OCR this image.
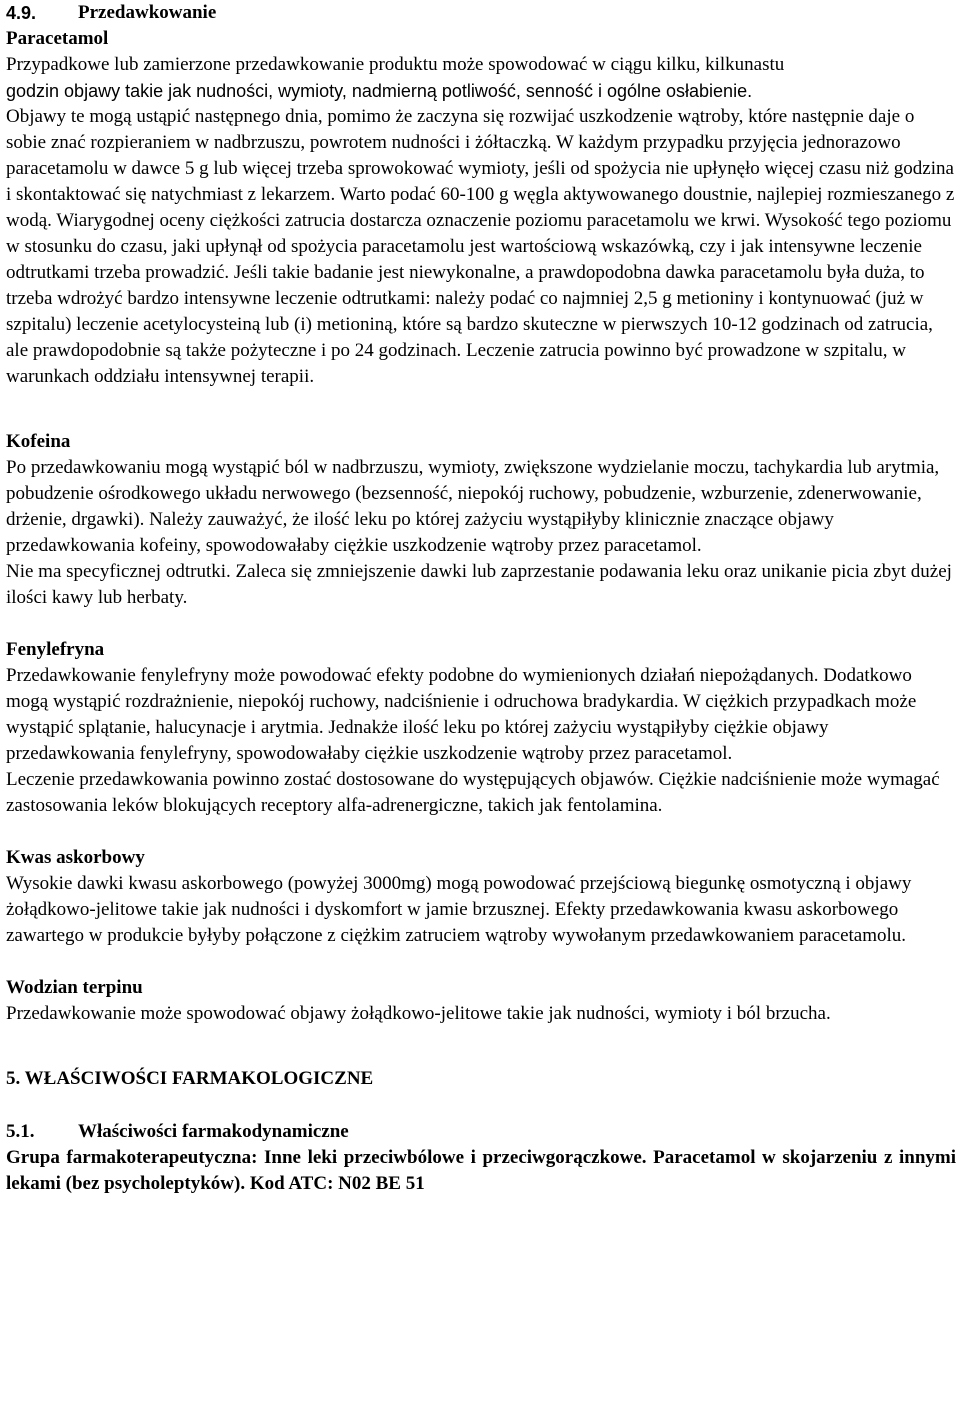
4.9.	Przedawkowanie

Paracetamol

Przypadkowe lub zamierzone przedawkowanie produktu może spowodować w ciągu kilku, kilkunastu

godzin objawy takie jak nudności, wymioty, nadmierną potliwość, senność i ogólne osłabienie.

Objawy te mogą ustąpić następnego dnia, pomimo że zaczyna się rozwijać uszkodzenie wątroby, które następnie daje o sobie znać rozpieraniem w nadbrzuszu, powrotem nudności i żółtaczką. W każdym przypadku przyjęcia jednorazowo paracetamolu w dawce 5 g lub więcej trzeba sprowokować wymioty, jeśli od spożycia nie upłynęło więcej czasu niż godzina i skontaktować się natychmiast z lekarzem. Warto podać 60-100 g węgla aktywowanego doustnie, najlepiej rozmieszanego z wodą. Wiarygodnej oceny ciężkości zatrucia dostarcza oznaczenie poziomu paracetamolu we krwi. Wysokość tego poziomu w stosunku do czasu, jaki upłynął od spożycia paracetamolu jest wartościową wskazówką, czy i jak intensywne leczenie odtrutkami trzeba prowadzić. Jeśli takie badanie jest niewykonalne, a prawdopodobna dawka paracetamolu była duża, to trzeba wdrożyć bardzo intensywne leczenie odtrutkami: należy podać co najmniej 2,5 g metioniny i kontynuować (już w szpitalu) leczenie acetylocysteiną lub (i) metioniną, które są bardzo skuteczne w pierwszych 10-12 godzinach od zatrucia, ale prawdopodobnie są także pożyteczne i po 24 godzinach. Leczenie zatrucia powinno być prowadzone w szpitalu, w warunkach oddziału intensywnej terapii.

Kofeina

Po przedawkowaniu mogą wystąpić ból w nadbrzuszu, wymioty, zwiększone wydzielanie moczu, tachykardia lub arytmia, pobudzenie ośrodkowego układu nerwowego (bezsenność, niepokój ruchowy, pobudzenie, wzburzenie, zdenerwowanie, drżenie, drgawki). Należy zauważyć, że ilość leku po której zażyciu wystąpiłyby klinicznie znaczące objawy przedawkowania kofeiny, spowodowałaby ciężkie uszkodzenie wątroby przez paracetamol.

Nie ma specyficznej odtrutki. Zaleca się zmniejszenie dawki lub zaprzestanie podawania leku oraz unikanie picia zbyt dużej ilości kawy lub herbaty.

Fenylefryna

Przedawkowanie fenylefryny może powodować efekty podobne do wymienionych działań niepożądanych. Dodatkowo mogą wystąpić rozdrażnienie, niepokój ruchowy, nadciśnienie i odruchowa bradykardia. W ciężkich przypadkach może wystąpić splątanie, halucynacje i arytmia. Jednakże ilość leku po której zażyciu wystąpiłyby ciężkie objawy przedawkowania fenylefryny, spowodowałaby ciężkie uszkodzenie wątroby przez paracetamol.

Leczenie przedawkowania powinno zostać dostosowane do występujących objawów. Ciężkie nadciśnienie może wymagać zastosowania leków blokujących receptory alfa-adrenergiczne, takich jak fentolamina.

Kwas askorbowy

Wysokie dawki kwasu askorbowego (powyżej 3000mg) mogą powodować przejściową biegunkę osmotyczną i objawy żołądkowo-jelitowe takie jak nudności i dyskomfort w jamie brzusznej. Efekty przedawkowania kwasu askorbowego zawartego w produkcie byłyby połączone z ciężkim zatruciem wątroby wywołanym przedawkowaniem paracetamolu.

Wodzian terpinu

Przedawkowanie może spowodować objawy żołądkowo-jelitowe takie jak nudności, wymioty i ból brzucha.

5. WŁAŚCIWOŚCI FARMAKOLOGICZNE

5.1.	Właściwości farmakodynamiczne

Grupa farmakoterapeutyczna: Inne leki przeciwbólowe i przeciwgorączkowe. Paracetamol w skojarzeniu z innymi lekami (bez psycholeptyków). Kod ATC: N02 BE 51
